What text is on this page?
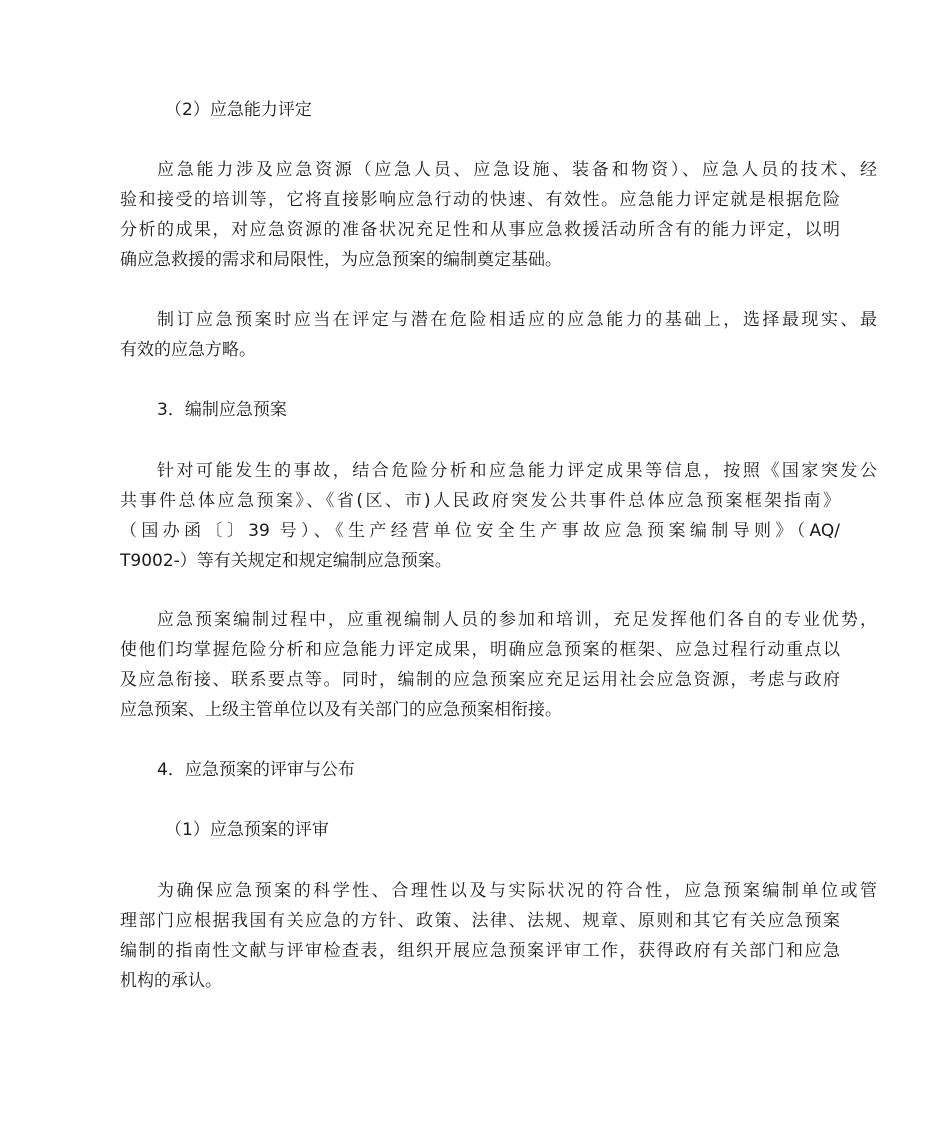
（2）应急能力评定
应急能力涉及应急资源（应急人员、应急设施、装备和物资）、应急人员的技术、经
验和接受的培训等，它将直接影响应急行动的快速、有效性。应急能力评定就是根据危险
分析的成果，对应急资源的准备状况充足性和从事应急救援活动所含有的能力评定，以明
确应急救援的需求和局限性，为应急预案的编制奠定基础。
制订应急预案时应当在评定与潜在危险相适应的应急能力的基础上，选择最现实、最
有效的应急方略。
3．编制应急预案
针对可能发生的事故，结合危险分析和应急能力评定成果等信息，按照《国家突发公
共事件总体应急预案》、《省(区、市)人民政府突发公共事件总体应急预案框架指南》
（国办函〔〕39 号）、《生产经营单位安全生产事故应急预案编制导则》（AQ/
T9002-）等有关规定和规定编制应急预案。
应急预案编制过程中，应重视编制人员的参加和培训，充足发挥他们各自的专业优势，
使他们均掌握危险分析和应急能力评定成果，明确应急预案的框架、应急过程行动重点以
及应急衔接、联系要点等。同时，编制的应急预案应充足运用社会应急资源，考虑与政府
应急预案、上级主管单位以及有关部门的应急预案相衔接。
4．应急预案的评审与公布
（1）应急预案的评审
为确保应急预案的科学性、合理性以及与实际状况的符合性，应急预案编制单位或管
理部门应根据我国有关应急的方针、政策、法律、法规、规章、原则和其它有关应急预案
编制的指南性文献与评审检查表，组织开展应急预案评审工作，获得政府有关部门和应急
机构的承认。
